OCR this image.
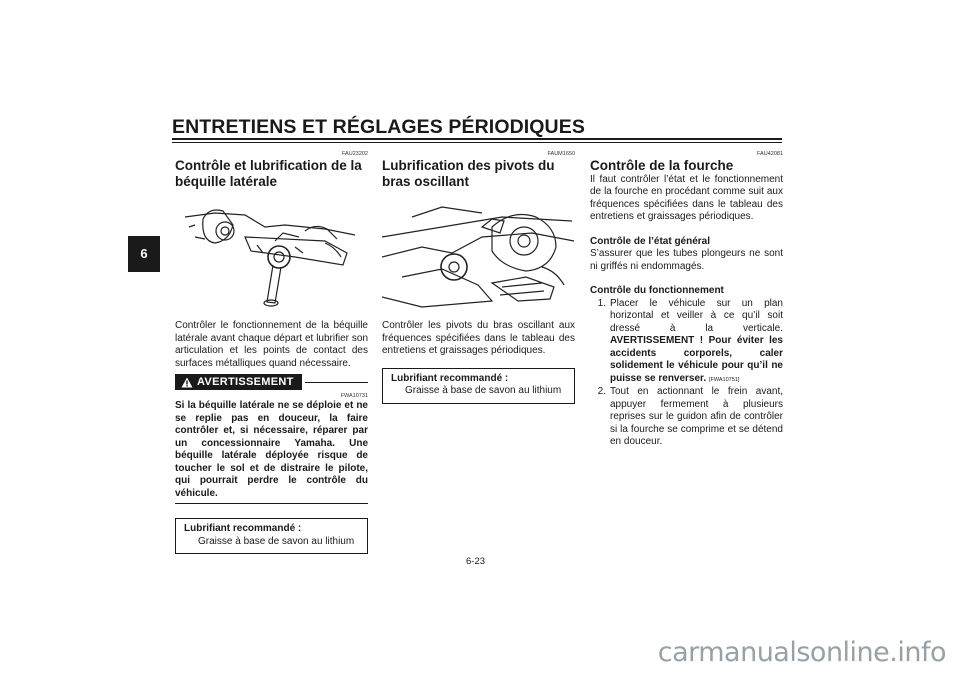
ENTRETIENS ET RÉGLAGES PÉRIODIQUES
6
FAU23202
Contrôle et lubrification de la béquille latérale

Contrôler le fonctionnement de la béquille latérale avant chaque départ et lubrifier son articulation et les points de contact des surfaces métalliques quand nécessaire.

AVERTISSEMENT
FWA10731

Si la béquille latérale ne se déploie et ne se replie pas en douceur, la faire contrôler et, si nécessaire, réparer par un concessionnaire Yamaha. Une béquille latérale déployée risque de toucher le sol et de distraire le pilote, qui pourrait perdre le contrôle du véhicule.

Lubrifiant recommandé :
Graisse à base de savon au lithium
FAUM1650
Lubrification des pivots du bras oscillant

Contrôler les pivots du bras oscillant aux fréquences spécifiées dans le tableau des entretiens et graissages périodiques.

Lubrifiant recommandé :
Graisse à base de savon au lithium
FAU42081
Contrôle de la fourche

Il faut contrôler l’état et le fonctionnement de la fourche en procédant comme suit aux fréquences spécifiées dans le tableau des entretiens et graissages périodiques.

Contrôle de l’état général

S’assurer que les tubes plongeurs ne sont ni griffés ni endommagés.

Contrôle du fonctionnement
1. Placer le véhicule sur un plan horizontal et veiller à ce qu’il soit dressé à la verticale. AVERTISSEMENT ! Pour éviter les accidents corporels, caler solidement le véhicule pour qu’il ne puisse se renverser. [FWA10751]
2. Tout en actionnant le frein avant, appuyer fermement à plusieurs reprises sur le guidon afin de contrôler si la fourche se comprime et se détend en douceur.
6-23
carmanualsonline.info
